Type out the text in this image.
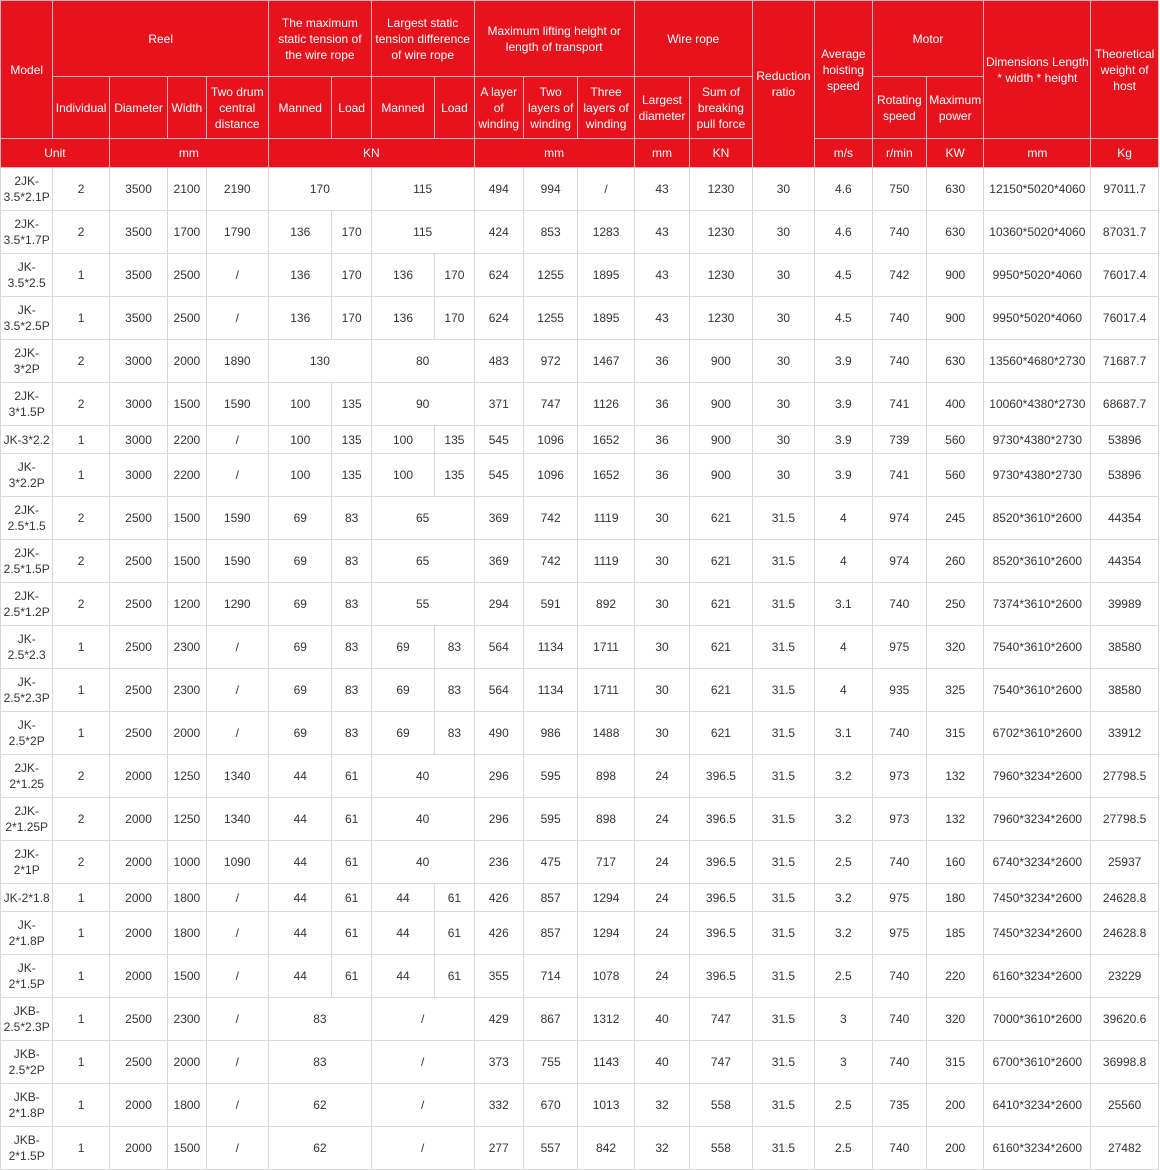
Model	Reel				The maximum static tension of the wire rope		Largest static tension difference of wire rope		Maximum lifting height or length of transport			Wire rope		Reduction ratio	Average hoisting speed	Motor		Dimensions Length * width * height	Theoretical weight of host
	Individual	Diameter	Width	Two drum central distance	Manned	Load	Manned	Load	A layer of winding	Two layers of winding	Three layers of winding	Largest diameter	Sum of breaking pull force			Rotating speed	Maximum power		
Unit		mm			KN				mm			mm	KN		m/s	r/min	KW	mm	Kg
2JK-3.5*2.1P	2	3500	2100	2190	170		115		494	994	/	43	1230	30	4.6	750	630	12150*5020*4060	97011.7
2JK-3.5*1.7P	2	3500	1700	1790	136	170	115		424	853	1283	43	1230	30	4.6	740	630	10360*5020*4060	87031.7
JK-3.5*2.5	1	3500	2500	/	136	170	136	170	624	1255	1895	43	1230	30	4.5	742	900	9950*5020*4060	76017.4
JK-3.5*2.5P	1	3500	2500	/	136	170	136	170	624	1255	1895	43	1230	30	4.5	740	900	9950*5020*4060	76017.4
2JK-3*2P	2	3000	2000	1890	130		80		483	972	1467	36	900	30	3.9	740	630	13560*4680*2730	71687.7
2JK-3*1.5P	2	3000	1500	1590	100	135	90		371	747	1126	36	900	30	3.9	741	400	10060*4380*2730	68687.7
JK-3*2.2	1	3000	2200	/	100	135	100	135	545	1096	1652	36	900	30	3.9	739	560	9730*4380*2730	53896
JK-3*2.2P	1	3000	2200	/	100	135	100	135	545	1096	1652	36	900	30	3.9	741	560	9730*4380*2730	53896
2JK-2.5*1.5	2	2500	1500	1590	69	83	65		369	742	1119	30	621	31.5	4	974	245	8520*3610*2600	44354
2JK-2.5*1.5P	2	2500	1500	1590	69	83	65		369	742	1119	30	621	31.5	4	974	260	8520*3610*2600	44354
2JK-2.5*1.2P	2	2500	1200	1290	69	83	55		294	591	892	30	621	31.5	3.1	740	250	7374*3610*2600	39989
JK-2.5*2.3	1	2500	2300	/	69	83	69	83	564	1134	1711	30	621	31.5	4	975	320	7540*3610*2600	38580
JK-2.5*2.3P	1	2500	2300	/	69	83	69	83	564	1134	1711	30	621	31.5	4	935	325	7540*3610*2600	38580
JK-2.5*2P	1	2500	2000	/	69	83	69	83	490	986	1488	30	621	31.5	3.1	740	315	6702*3610*2600	33912
2JK-2*1.25	2	2000	1250	1340	44	61	40		296	595	898	24	396.5	31.5	3.2	973	132	7960*3234*2600	27798.5
2JK-2*1.25P	2	2000	1250	1340	44	61	40		296	595	898	24	396.5	31.5	3.2	973	132	7960*3234*2600	27798.5
2JK-2*1P	2	2000	1000	1090	44	61	40		236	475	717	24	396.5	31.5	2.5	740	160	6740*3234*2600	25937
JK-2*1.8	1	2000	1800	/	44	61	44	61	426	857	1294	24	396.5	31.5	3.2	975	180	7450*3234*2600	24628.8
JK-2*1.8P	1	2000	1800	/	44	61	44	61	426	857	1294	24	396.5	31.5	3.2	975	185	7450*3234*2600	24628.8
JK-2*1.5P	1	2000	1500	/	44	61	44	61	355	714	1078	24	396.5	31.5	2.5	740	220	6160*3234*2600	23229
JKB-2.5*2.3P	1	2500	2300	/	83		/		429	867	1312	40	747	31.5	3	740	320	7000*3610*2600	39620.6
JKB-2.5*2P	1	2500	2000	/	83		/		373	755	1143	40	747	31.5	3	740	315	6700*3610*2600	36998.8
JKB-2*1.8P	1	2000	1800	/	62		/		332	670	1013	32	558	31.5	2.5	735	200	6410*3234*2600	25560
JKB-2*1.5P	1	2000	1500	/	62		/		277	557	842	32	558	31.5	2.5	740	200	6160*3234*2600	27482
